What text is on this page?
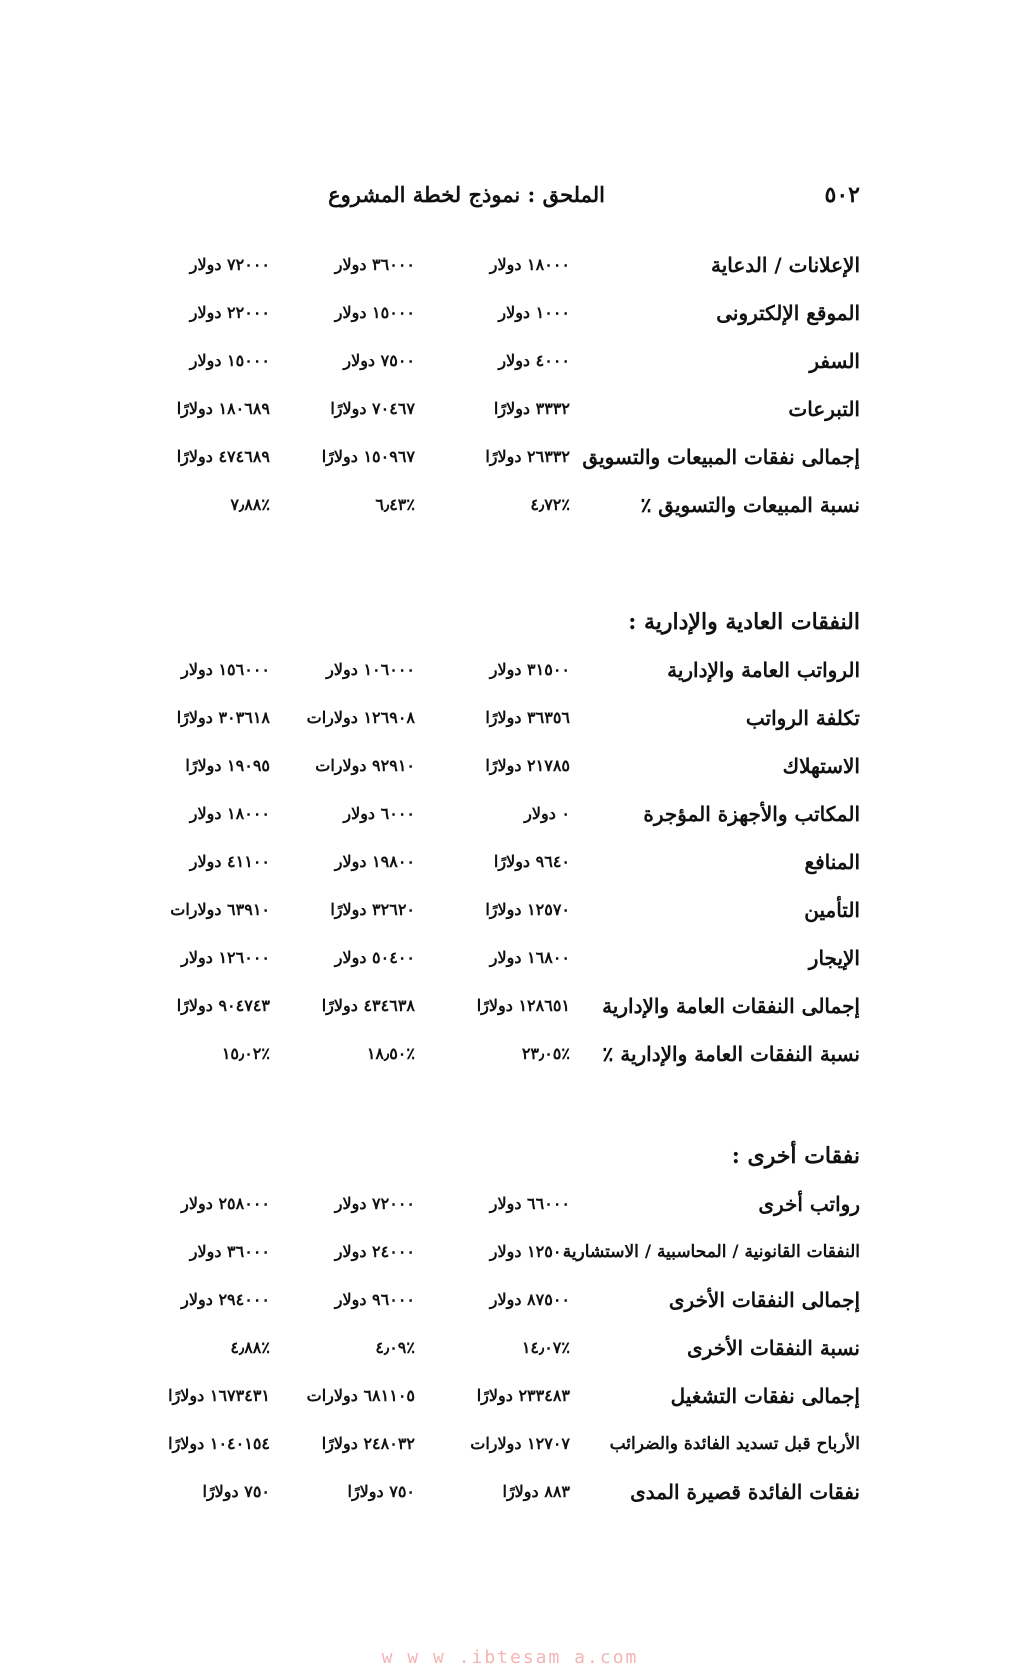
٥٠٢
الملحق : نموذج لخطة المشروع
الإعلانات / الدعاية
١٨٠٠٠ دولار
٣٦٠٠٠ دولار
٧٢٠٠٠ دولار
الموقع الإلكترونى
١٠٠٠ دولار
١٥٠٠٠ دولار
٢٢٠٠٠ دولار
السفر
٤٠٠٠ دولار
٧٥٠٠ دولار
١٥٠٠٠ دولار
التبرعات
٣٣٣٢ دولارًا
٧٠٤٦٧ دولارًا
١٨٠٦٨٩ دولارًا
إجمالى نفقات المبيعات والتسويق
٢٦٣٣٢ دولارًا
١٥٠٩٦٧ دولارًا
٤٧٤٦٨٩ دولارًا
نسبة المبيعات والتسويق ٪
٪٤٫٧٢
٪٦٫٤٣
٪٧٫٨٨
النفقات العادية والإدارية :
الرواتب العامة والإدارية
٣١٥٠٠ دولار
١٠٦٠٠٠ دولار
١٥٦٠٠٠ دولار
تكلفة الرواتب
٣٦٣٥٦ دولارًا
١٢٦٩٠٨ دولارات
٣٠٣٦١٨ دولارًا
الاستهلاك
٢١٧٨٥ دولارًا
٩٢٩١٠ دولارات
١٩٠٩٥ دولارًا
المكاتب والأجهزة المؤجرة
٠ دولار
٦٠٠٠ دولار
١٨٠٠٠ دولار
المنافع
٩٦٤٠ دولارًا
١٩٨٠٠ دولار
٤١١٠٠ دولار
التأمين
١٢٥٧٠ دولارًا
٣٢٦٢٠ دولارًا
٦٣٩١٠ دولارات
الإيجار
١٦٨٠٠ دولار
٥٠٤٠٠ دولار
١٢٦٠٠٠ دولار
إجمالى النفقات العامة والإدارية
١٢٨٦٥١ دولارًا
٤٣٤٦٣٨ دولارًا
٩٠٤٧٤٣ دولارًا
نسبة النفقات العامة والإدارية ٪
٪٢٣٫٠٥
٪١٨٫٥٠
٪١٥٫٠٢
نفقات أخرى :
رواتب أخرى
٦٦٠٠٠ دولار
٧٢٠٠٠ دولار
٢٥٨٠٠٠ دولار
النفقات القانونية / المحاسبية / الاستشارية
١٢٥٠٠ دولار
٢٤٠٠٠ دولار
٣٦٠٠٠ دولار
إجمالى النفقات الأخرى
٨٧٥٠٠ دولار
٩٦٠٠٠ دولار
٢٩٤٠٠٠ دولار
نسبة النفقات الأخرى
٪١٤٫٠٧
٪٤٫٠٩
٪٤٫٨٨
إجمالى نفقات التشغيل
٢٣٣٤٨٣ دولارًا
٦٨١١٠٥ دولارات
١٦٧٣٤٣١ دولارًا
الأرباح قبل تسديد الفائدة والضرائب
١٢٧٠٧ دولارات
٢٤٨٠٣٢ دولارًا
١٠٤٠١٥٤ دولارًا
نفقات الفائدة قصيرة المدى
٨٨٣ دولارًا
٧٥٠ دولارًا
٧٥٠ دولارًا
w w w .ibtesam a.com
